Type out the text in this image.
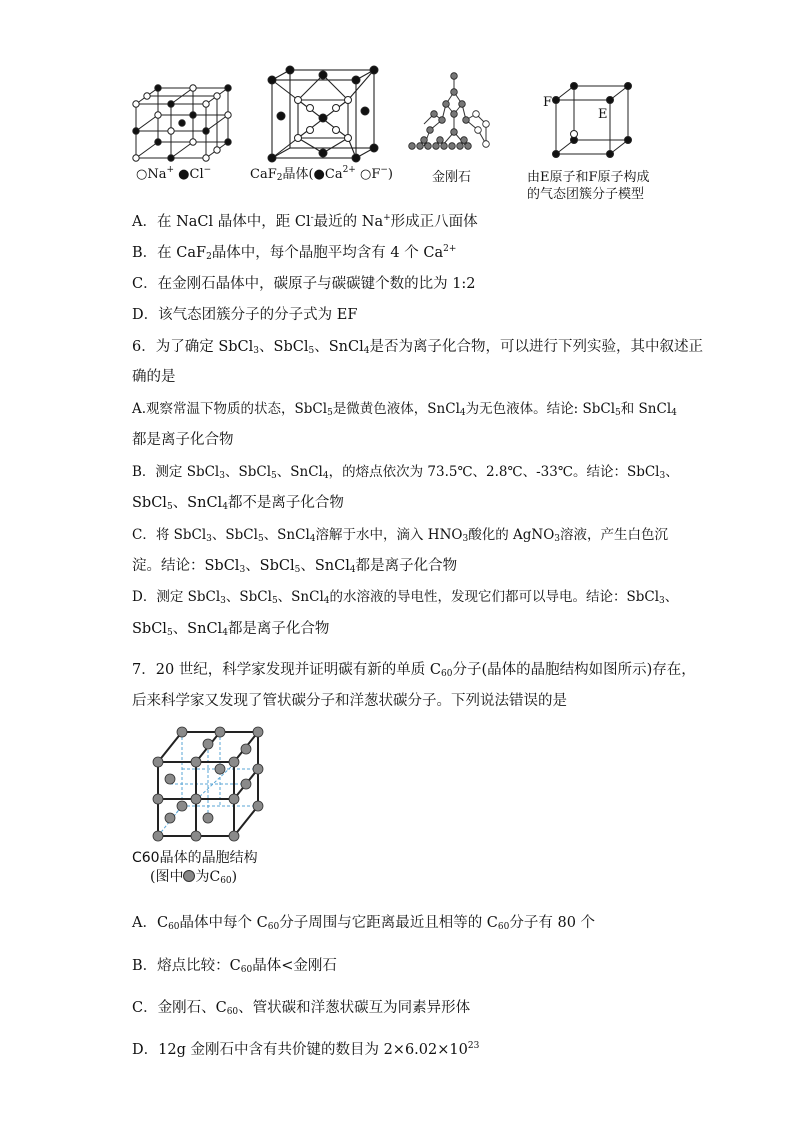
○Na+ ●Cl−	CaF$_2$晶体($●Ca^{2+}$ ○F−)	金刚石
F
E
由E原子和F原子构成
的气态团簇分子模型
A．在 NaCl 晶体中，距 Cl-最近的 Na+形成正八面体
B．在 CaF$_2$晶体中，每个晶胞平均含有 4 个 $Ca^{2+}$
C．在金刚石晶体中，碳原子与碳碳键个数的比为 1:2
D．该气态团簇分子的分子式为 EF
6．为了确定 SbCl$_3$、SbCl$_5$、SnCl$_4$是否为离子化合物，可以进行下列实验，其中叙述正
确的是
A.观察常温下物质的状态，SbCl$_5$是微黄色液体，SnCl$_4$为无色液体。结论: SbCl$_5$和 SnCl$_4$
都是离子化合物
B．测定 SbCl$_3$、SbCl$_5$、SnCl$_4$，的熔点依次为 73.5℃、2.8℃、-33℃。结论：SbCl$_3$、
SbCl$_5$、SnCl$_4$都不是离子化合物
C．将 SbCl$_3$、SbCl$_5$、SnCl$_4$溶解于水中，滴入 $HNO_3$酸化的 AgNO$_3$溶液，产生白色沉
淀。结论：SbCl$_3$、SbCl$_5$、SnCl$_4$都是离子化合物
D．测定 SbCl$_3$、SbCl$_5$、SnCl$_4$的水溶液的导电性，发现它们都可以导电。结论：SbCl$_3$、
SbCl$_5$、SnCl$_4$都是离子化合物
7．20 世纪，科学家发现并证明碳有新的单质 $C_{60}$分子(晶体的晶胞结构如图所示)存在，
后来科学家又发现了管状碳分子和洋葱状碳分子。下列说法错误的是
C60晶体的晶胞结构
(图中 为$C_{60}$)
A．$C_{60}$晶体中每个 $C_{60}$分子周围与它距离最近且相等的 $C_{60}$分子有 80 个
B．熔点比较：$C_{60}$晶体<金刚石
C．金刚石、$C_{60}$、管状碳和洋葱状碳互为同素异形体
D．12g 金刚石中含有共价键的数目为 $2\times 6.02\times 10^{23}$
